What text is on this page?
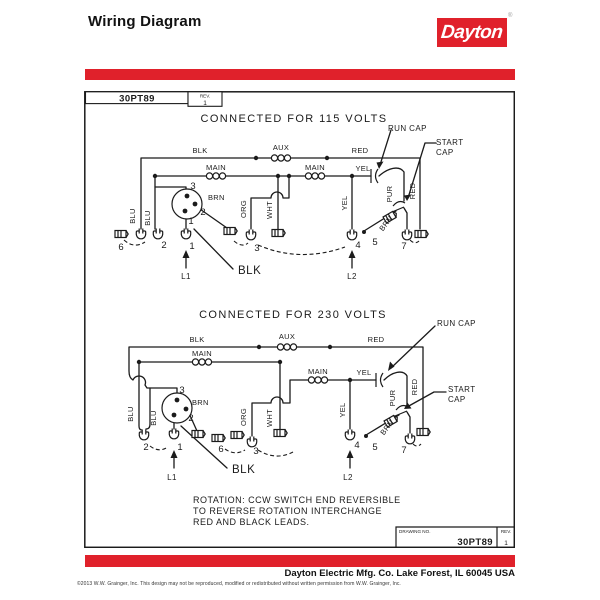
Wiring Diagram	Dayton
®
30PT89	REV.
1
CONNECTED FOR 115 VOLTS
BLK	AUX	RED
MAIN	MAIN	YEL
BLU BLU
ORG WHT	YEL
PUR RED
BRN
BRN
RUN CAP
START
CAP
3
2
1
6	2 1	3	4 5 7
L1	L2
BLK
CONNECTED FOR 230 VOLTS
BLK	AUX	RED
MAIN
MAIN	YEL
BLU BLU	ORG WHT	YEL
PUR
RED
BRN
BRN
RUN CAP
START
CAP
3
2
2	1	6	3
4 5 7
L1	L2
BLK
ROTATION: CCW SWITCH END REVERSIBLE
TO REVERSE ROTATION INTERCHANGE
RED AND BLACK LEADS.
DRAWING NO.
30PT89
REV.
1
Dayton Electric Mfg. Co. Lake Forest, IL 60045 USA
©2013 W.W. Grainger, Inc. This design may not be reproduced, modified or redistributed without written permission from W.W. Grainger, Inc.
